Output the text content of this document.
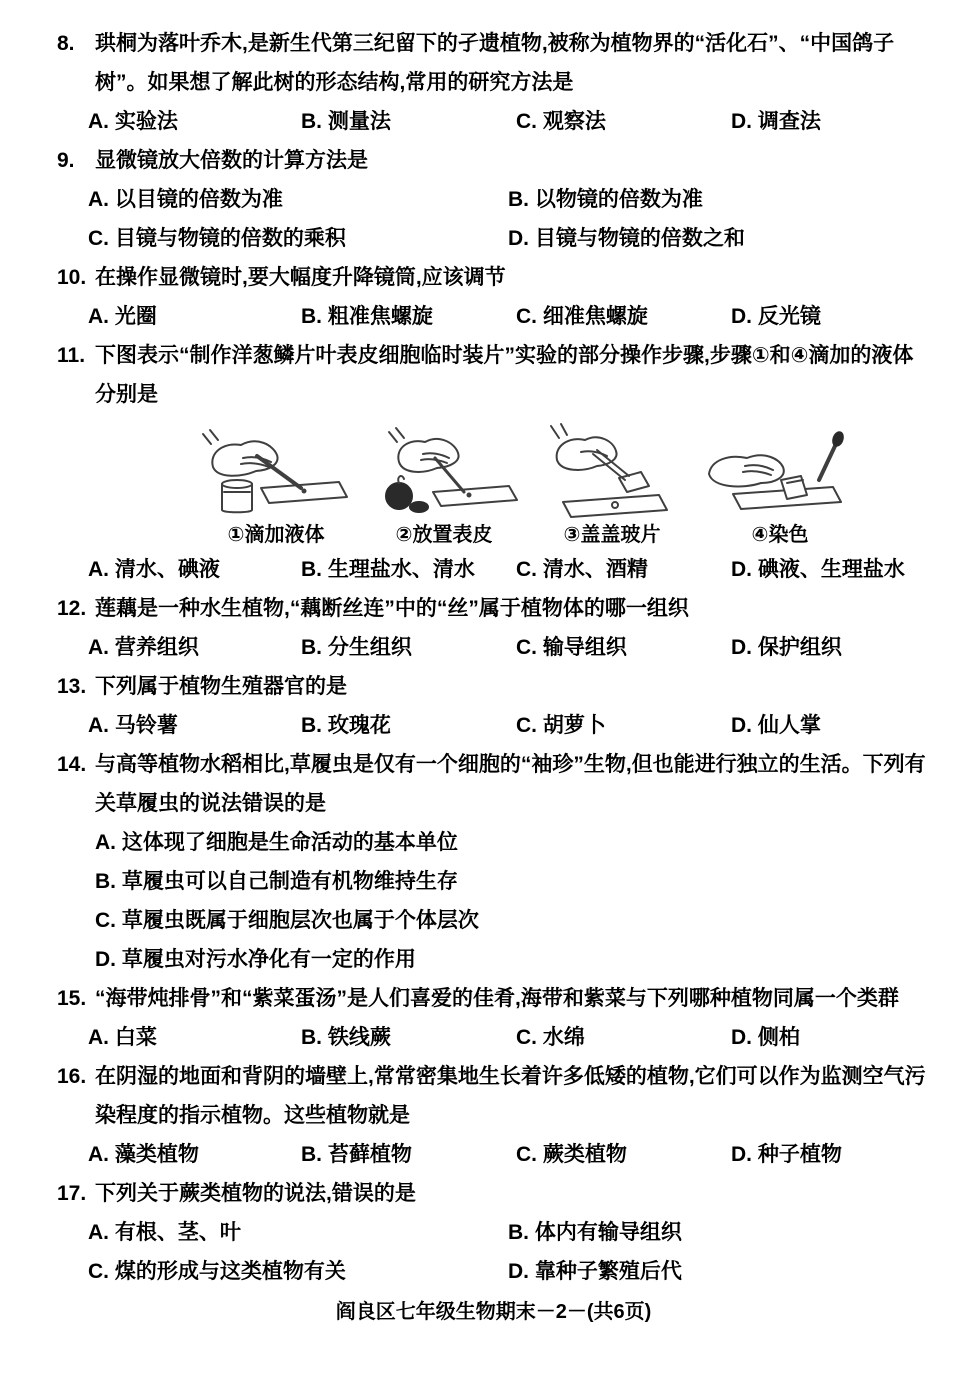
8. 珙桐为落叶乔木,是新生代第三纪留下的孑遗植物,被称为植物界的“活化石”、“中国鸽子树”。如果想了解此树的形态结构,常用的研究方法是

A. 实验法	B. 测量法	C. 观察法	D. 调查法

9. 显微镜放大倍数的计算方法是

A. 以目镜的倍数为准	B. 以物镜的倍数为准
C. 目镜与物镜的倍数的乘积	D. 目镜与物镜的倍数之和

10. 在操作显微镜时,要大幅度升降镜筒,应该调节

A. 光圈	B. 粗准焦螺旋	C. 细准焦螺旋	D. 反光镜

11. 下图表示“制作洋葱鳞片叶表皮细胞临时装片”实验的部分操作步骤,步骤①和④滴加的液体分别是

①滴加液体	②放置表皮	③盖盖玻片	④染色
A. 清水、碘液	B. 生理盐水、清水	C. 清水、酒精	D. 碘液、生理盐水

12. 莲藕是一种水生植物,“藕断丝连”中的“丝”属于植物体的哪一组织

A. 营养组织	B. 分生组织	C. 输导组织	D. 保护组织

13. 下列属于植物生殖器官的是

A. 马铃薯	B. 玫瑰花	C. 胡萝卜	D. 仙人掌

14. 与高等植物水稻相比,草履虫是仅有一个细胞的“袖珍”生物,但也能进行独立的生活。下列有关草履虫的说法错误的是

A. 这体现了细胞是生命活动的基本单位
B. 草履虫可以自己制造有机物维持生存
C. 草履虫既属于细胞层次也属于个体层次
D. 草履虫对污水净化有一定的作用

15. “海带炖排骨”和“紫菜蛋汤”是人们喜爱的佳肴,海带和紫菜与下列哪种植物同属一个类群

A. 白菜	B. 铁线蕨	C. 水绵	D. 侧柏

16. 在阴湿的地面和背阴的墙壁上,常常密集地生长着许多低矮的植物,它们可以作为监测空气污染程度的指示植物。这些植物就是

A. 藻类植物	B. 苔藓植物	C. 蕨类植物	D. 种子植物

17. 下列关于蕨类植物的说法,错误的是

A. 有根、茎、叶	B. 体内有输导组织
C. 煤的形成与这类植物有关	D. 靠种子繁殖后代
阎良区七年级生物期末－2－(共6页)
